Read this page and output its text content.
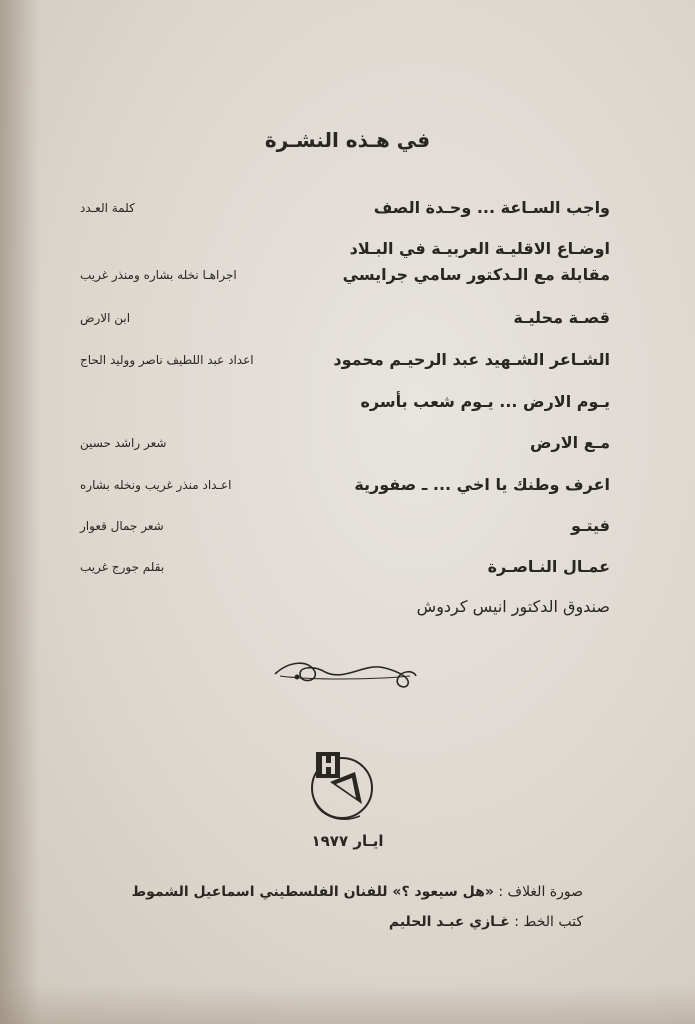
في هـذه النشـرة
واجب السـاعة ... وحـدة الصف
كلمة العـدد
اوضـاع الاقليـة العربيـة في البـلاد
مقابلة مع الـدكتور سامي جرايسي
اجراهـا نخله بشاره ومنذر غريب
قصـة محليـة
ابن الارض
الشـاعر الشـهيد عبد الرحيـم محمود
اعداد عبد اللطيف ناصر ووليد الحاج
يـوم الارض ... يـوم شعب بأسره
مـع الارض
شعر راشد حسين
اعرف وطنك يا اخي ... ـ صفورية
اعـداد منذر غريب ونخله بشاره
فيتـو
شعر جمال قعوار
عمـال النـاصـرة
بقلم جورج غريب
صندوق الدكتور انيس كردوش
ايـار ١٩٧٧
صورة الغلاف : «هل سيعود ؟» للفنان الفلسطيني اسماعيل الشموط
كتب الخط : غـازي عبـد الحليم
